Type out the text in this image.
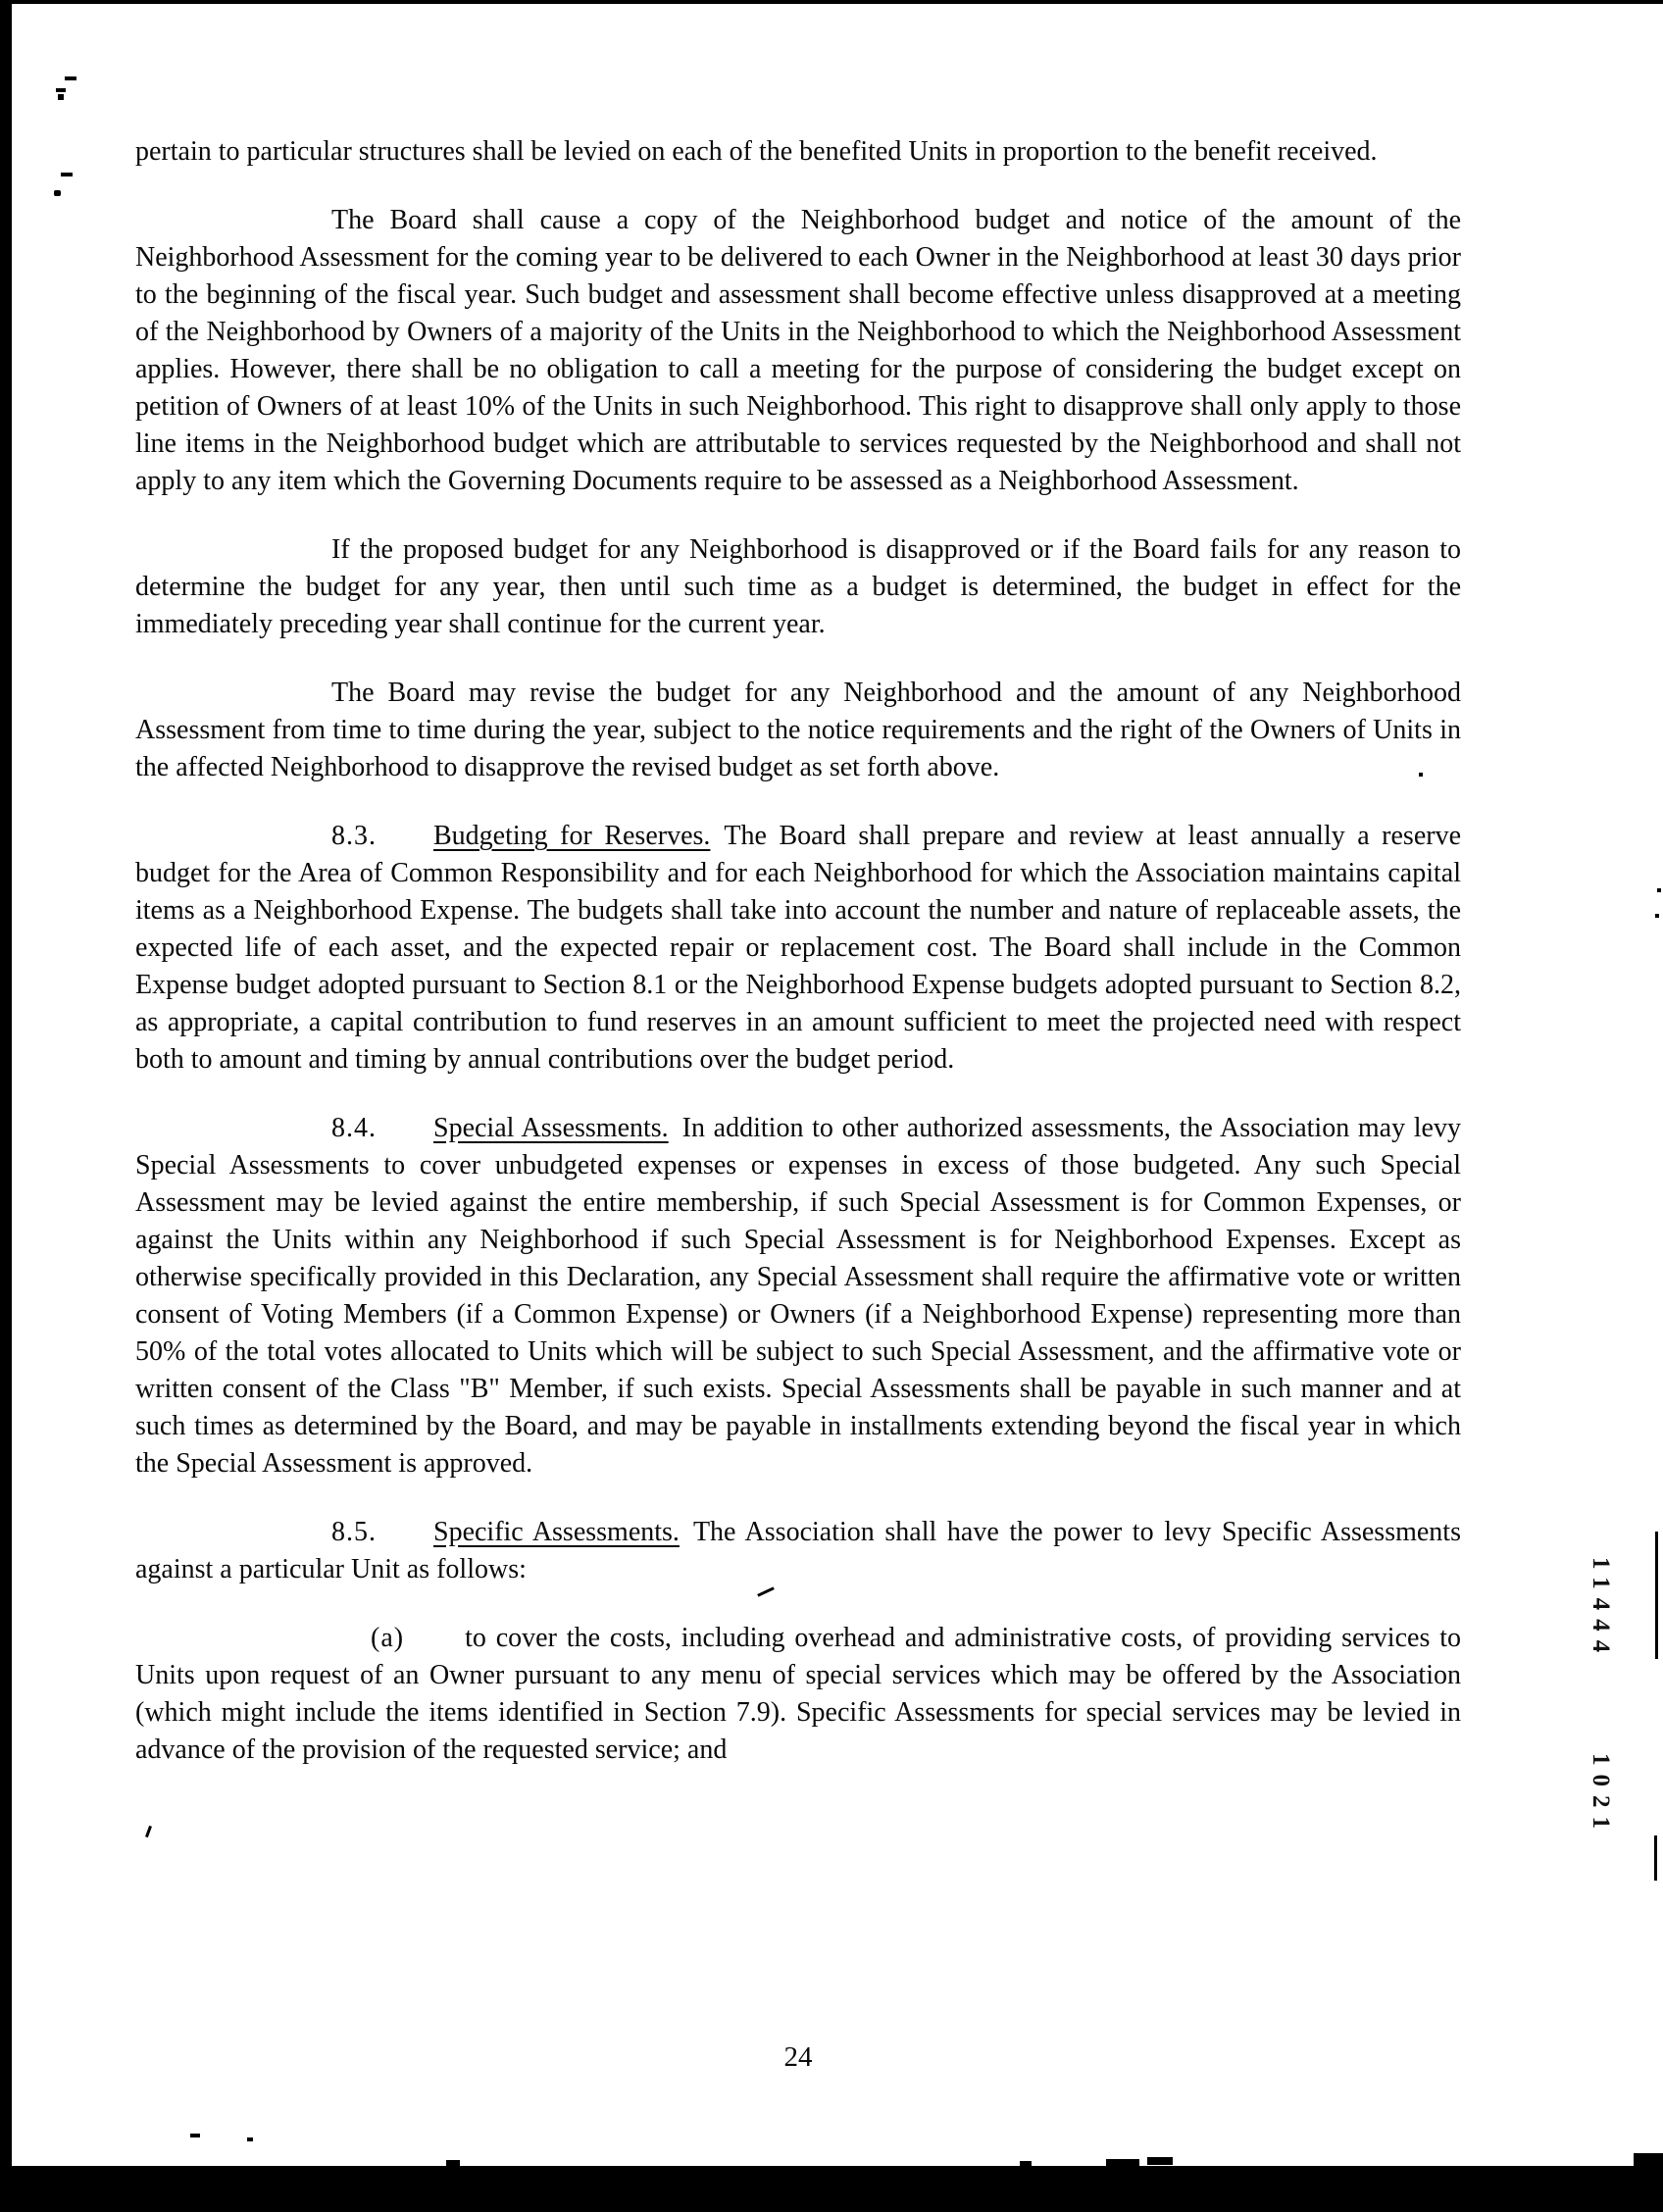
pertain to particular structures shall be levied on each of the benefited Units in proportion to the benefit received.

The Board shall cause a copy of the Neighborhood budget and notice of the amount of the Neighborhood Assessment for the coming year to be delivered to each Owner in the Neighborhood at least 30 days prior to the beginning of the fiscal year. Such budget and assessment shall become effective unless disapproved at a meeting of the Neighborhood by Owners of a majority of the Units in the Neighborhood to which the Neighborhood Assessment applies. However, there shall be no obligation to call a meeting for the purpose of considering the budget except on petition of Owners of at least 10% of the Units in such Neighborhood. This right to disapprove shall only apply to those line items in the Neighborhood budget which are attributable to services requested by the Neighborhood and shall not apply to any item which the Governing Documents require to be assessed as a Neighborhood Assessment.

If the proposed budget for any Neighborhood is disapproved or if the Board fails for any reason to determine the budget for any year, then until such time as a budget is determined, the budget in effect for the immediately preceding year shall continue for the current year.

The Board may revise the budget for any Neighborhood and the amount of any Neighborhood Assessment from time to time during the year, subject to the notice requirements and the right of the Owners of Units in the affected Neighborhood to disapprove the revised budget as set forth above.

8.3. Budgeting for Reserves. The Board shall prepare and review at least annually a reserve budget for the Area of Common Responsibility and for each Neighborhood for which the Association maintains capital items as a Neighborhood Expense. The budgets shall take into account the number and nature of replaceable assets, the expected life of each asset, and the expected repair or replacement cost. The Board shall include in the Common Expense budget adopted pursuant to Section 8.1 or the Neighborhood Expense budgets adopted pursuant to Section 8.2, as appropriate, a capital contribution to fund reserves in an amount sufficient to meet the projected need with respect both to amount and timing by annual contributions over the budget period.

8.4. Special Assessments. In addition to other authorized assessments, the Association may levy Special Assessments to cover unbudgeted expenses or expenses in excess of those budgeted. Any such Special Assessment may be levied against the entire membership, if such Special Assessment is for Common Expenses, or against the Units within any Neighborhood if such Special Assessment is for Neighborhood Expenses. Except as otherwise specifically provided in this Declaration, any Special Assessment shall require the affirmative vote or written consent of Voting Members (if a Common Expense) or Owners (if a Neighborhood Expense) representing more than 50% of the total votes allocated to Units which will be subject to such Special Assessment, and the affirmative vote or written consent of the Class "B" Member, if such exists. Special Assessments shall be payable in such manner and at such times as determined by the Board, and may be payable in installments extending beyond the fiscal year in which the Special Assessment is approved.

8.5. Specific Assessments. The Association shall have the power to levy Specific Assessments against a particular Unit as follows:

(a) to cover the costs, including overhead and administrative costs, of providing services to Units upon request of an Owner pursuant to any menu of special services which may be offered by the Association (which might include the items identified in Section 7.9). Specific Assessments for special services may be levied in advance of the provision of the requested service; and

24
11444
1021
